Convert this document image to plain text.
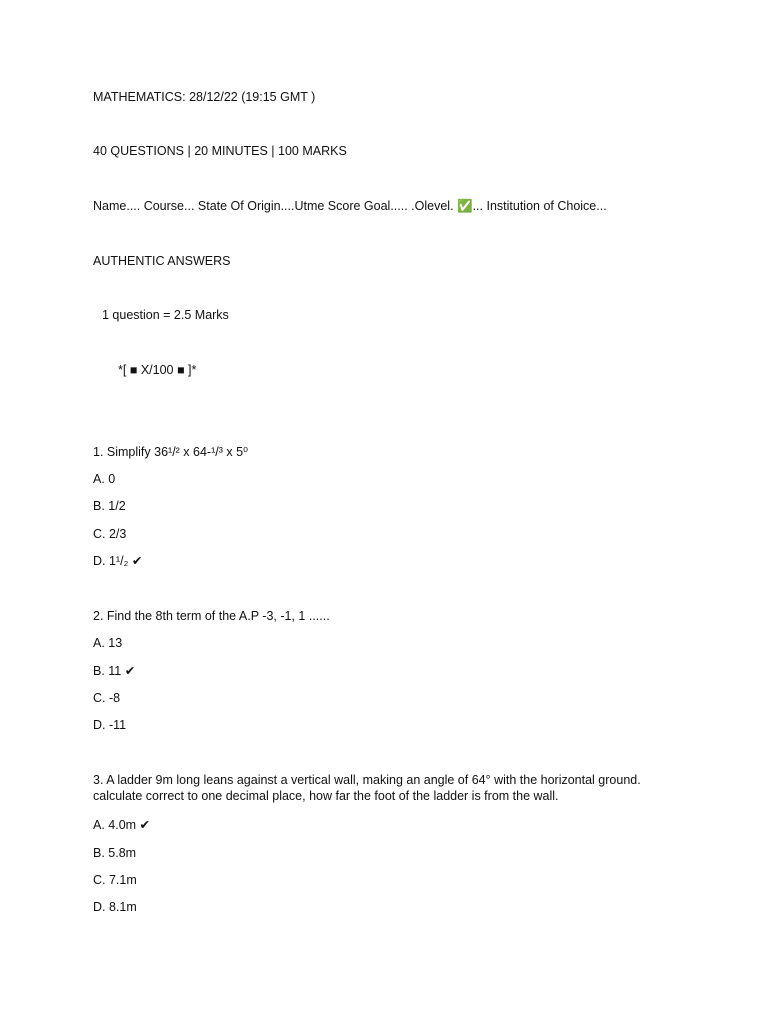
MATHEMATICS: 28/12/22 (19:15 GMT )
40 QUESTIONS | 20 MINUTES | 100 MARKS
Name.... Course... State Of Origin....Utme Score Goal..... .Olevel. ✅... Institution of Choice...
AUTHENTIC ANSWERS
1 question = 2.5 Marks
*[ ■ X/100 ■ ]*
1. Simplify 36¹/² x 64-¹/³ x 5⁰
A. 0
B. 1/2
C. 2/3
D. 1¹/₂ ✔
2. Find the 8th term of the A.P -3, -1, 1 ......
A. 13
B. 11 ✔
C. -8
D. -11
3. A ladder 9m long leans against a vertical wall, making an angle of 64° with the horizontal ground. calculate correct to one decimal place, how far the foot of the ladder is from the wall.
A. 4.0m ✔
B. 5.8m
C. 7.1m
D. 8.1m
